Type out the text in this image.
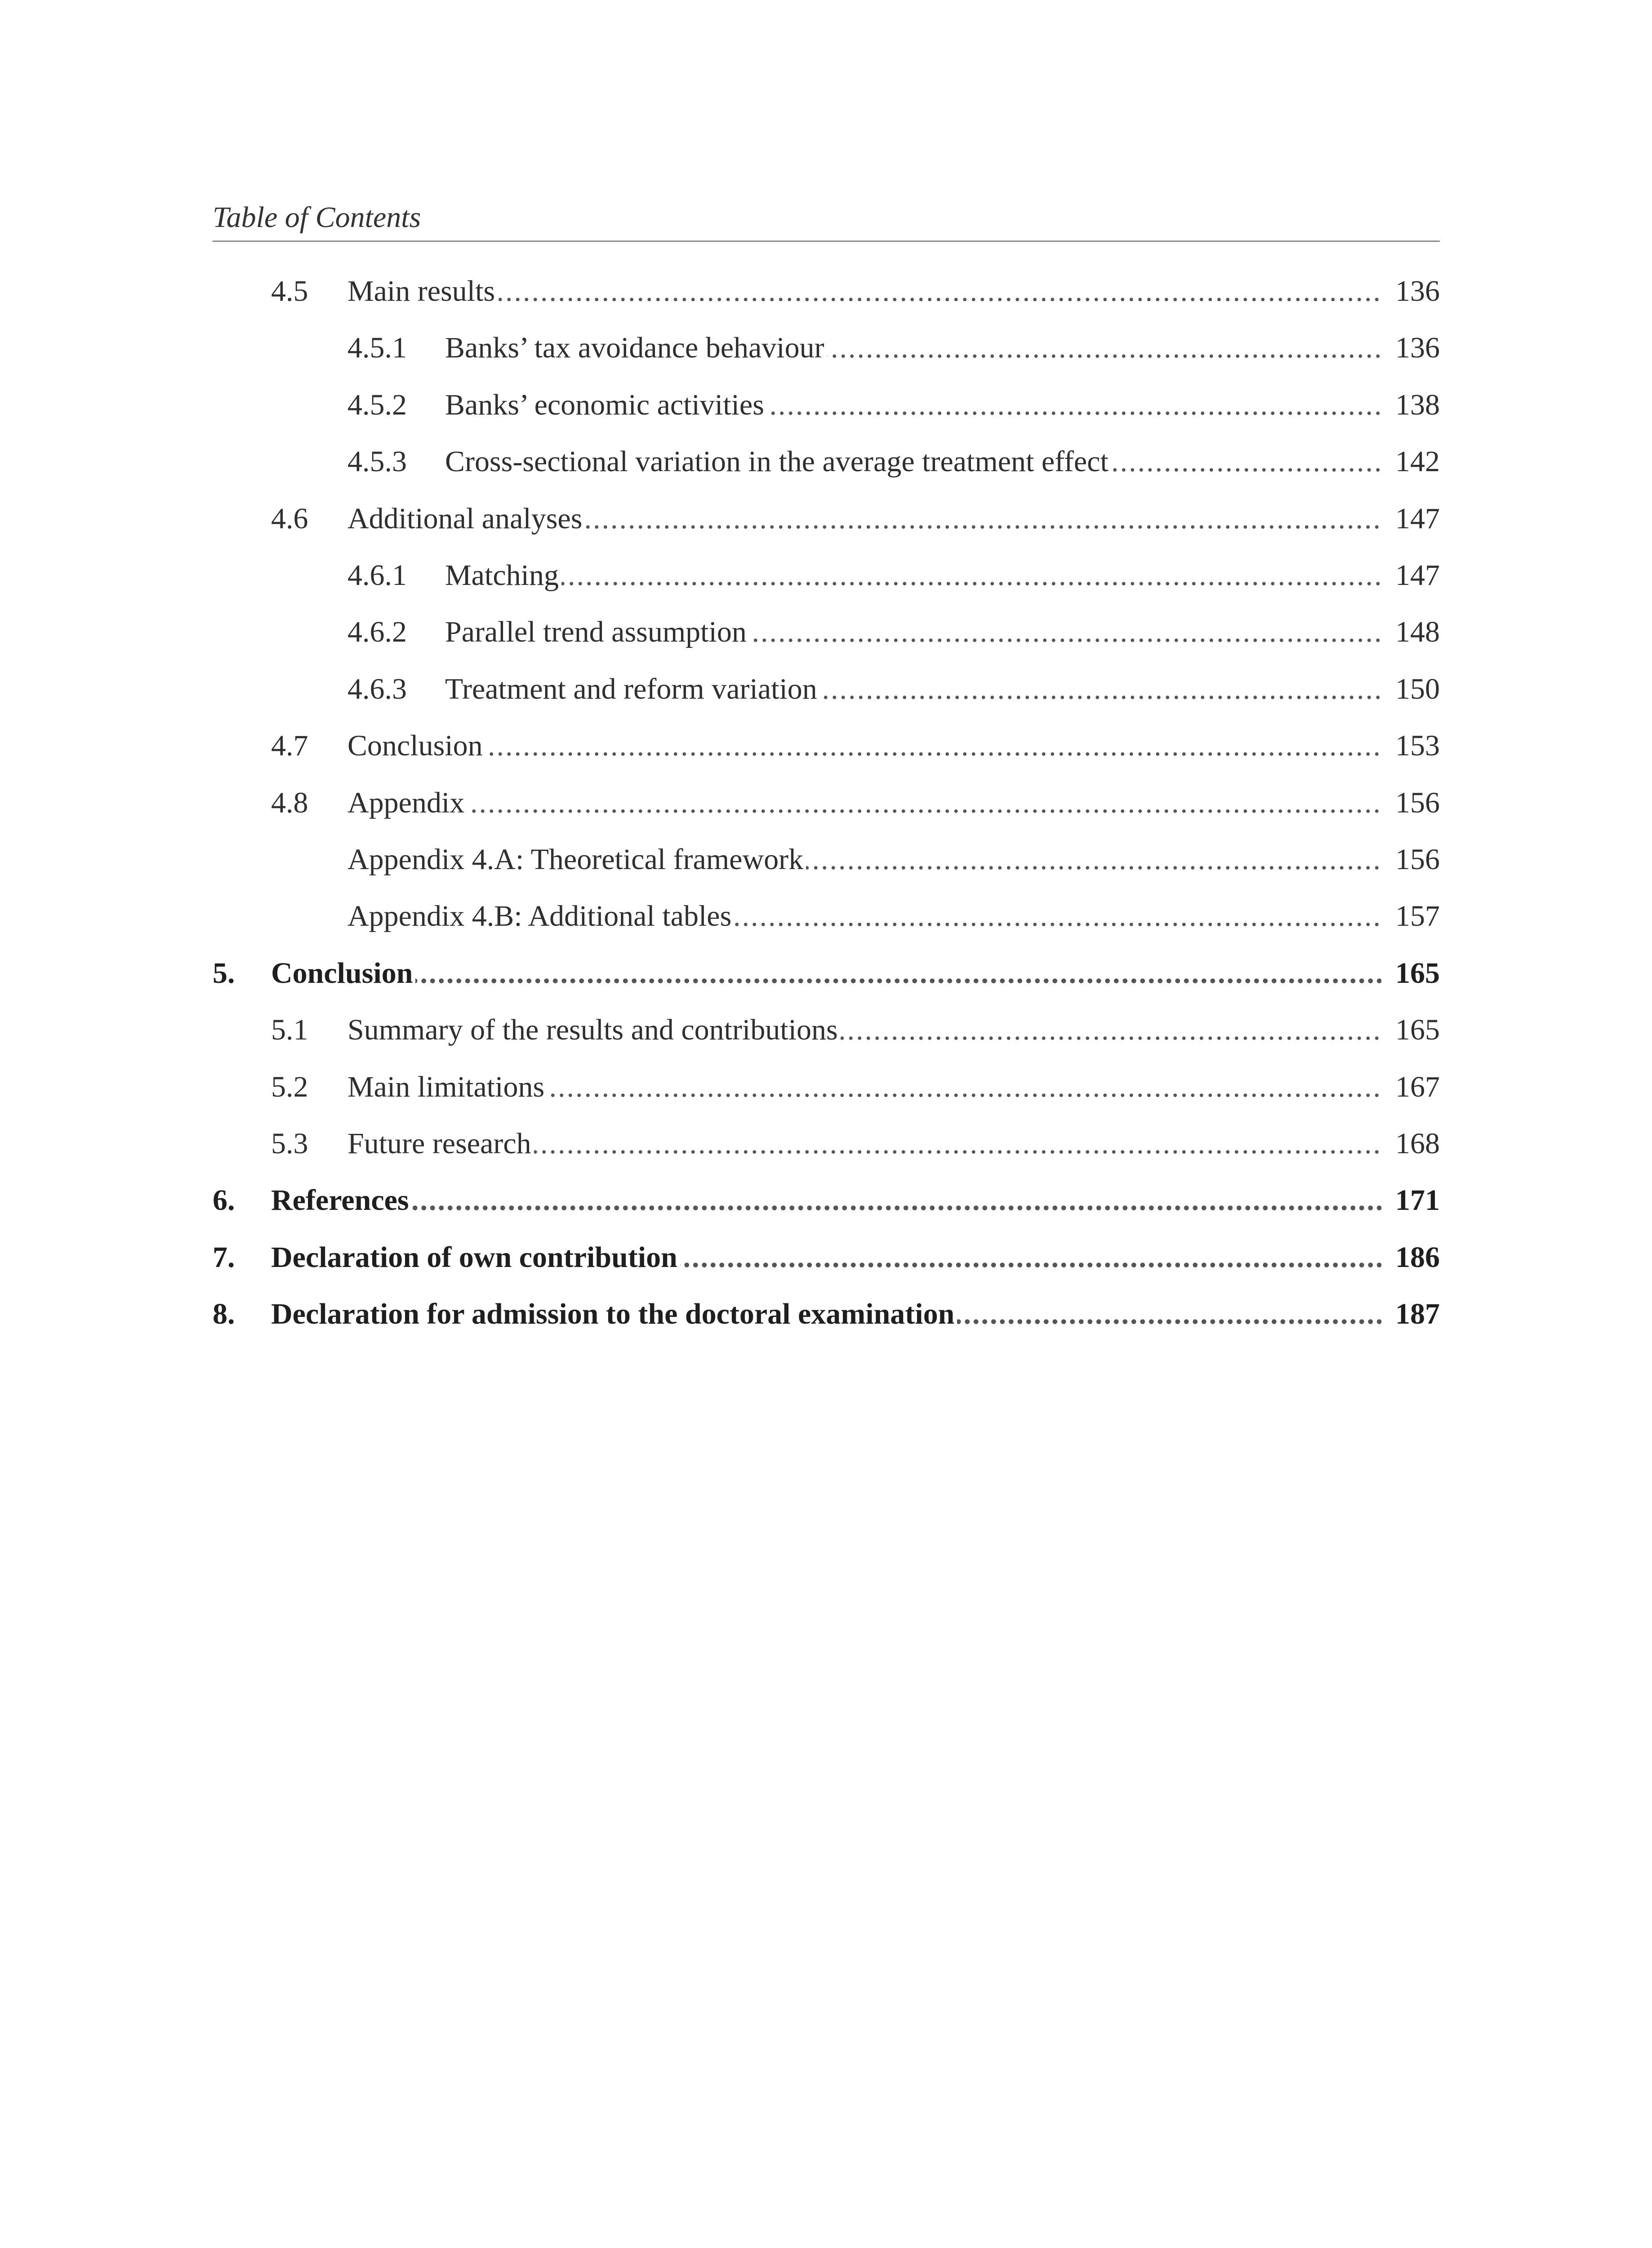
Table of Contents
4.5 Main results .....	136
4.5.1 Banks’ tax avoidance behaviour .....	136
4.5.2 Banks’ economic activities .....	138
4.5.3 Cross-sectional variation in the average treatment effect .....	142
4.6 Additional analyses .....	147
4.6.1 Matching .....	147
4.6.2 Parallel trend assumption .....	148
4.6.3 Treatment and reform variation .....	150
4.7 Conclusion .....	153
4.8 Appendix .....	156
Appendix 4.A: Theoretical framework .....	156
Appendix 4.B: Additional tables .....	157
5. Conclusion .....	165
5.1 Summary of the results and contributions .....	165
5.2 Main limitations .....	167
5.3 Future research .....	168
6. References .....	171
7. Declaration of own contribution .....	186
8. Declaration for admission to the doctoral examination .....	187
